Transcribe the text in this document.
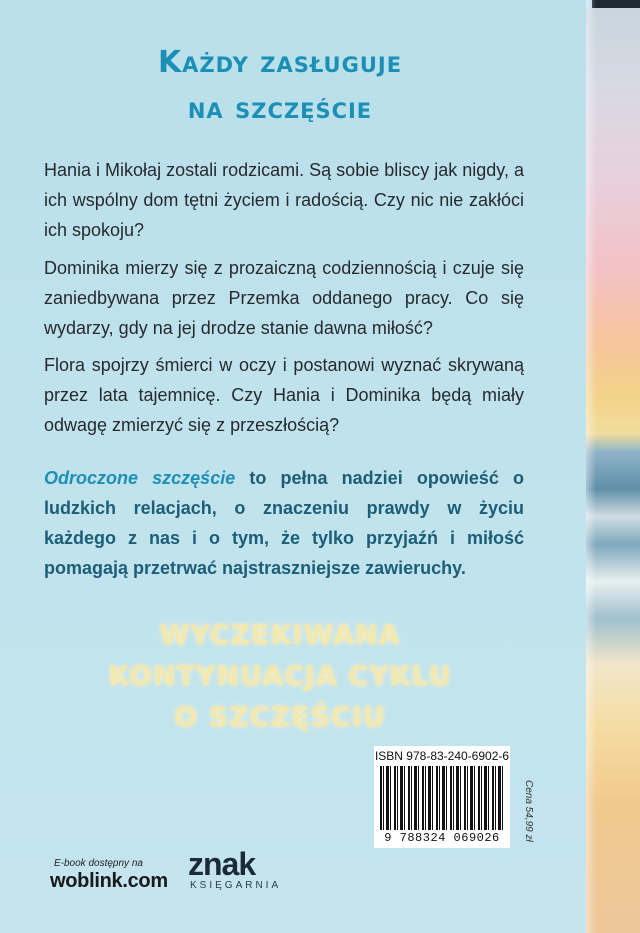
Każdy zasługuje
na szczęście
Hania i Mikołaj zostali rodzicami. Są sobie bliscy jak nigdy, a ich wspólny dom tętni życiem i radością. Czy nic nie zakłóci ich spokoju?
Dominika mierzy się z prozaiczną codziennością i czuje się zaniedbywana przez Przemka oddanego pracy. Co się wydarzy, gdy na jej drodze stanie dawna miłość?
Flora spojrzy śmierci w oczy i postanowi wyznać skrywaną przez lata tajemnicę. Czy Hania i Dominika będą miały odwagę zmierzyć się z przeszłością?
Odroczone szczęście to pełna nadziei opowieść o ludzkich relacjach, o znaczeniu prawdy w życiu każdego z nas i o tym, że tylko przyjaźń i miłość pomagają przetrwać najstraszniejsze zawieruchy.
WYCZEKIWANA
KONTYNUACJA CYKLU
O SZCZĘŚCIU
ISBN 978-83-240-6902-6
9 788324 069026	Cena 54,99 zł
E-book dostępny na
woblink.com znak
KSIĘGARNIA
